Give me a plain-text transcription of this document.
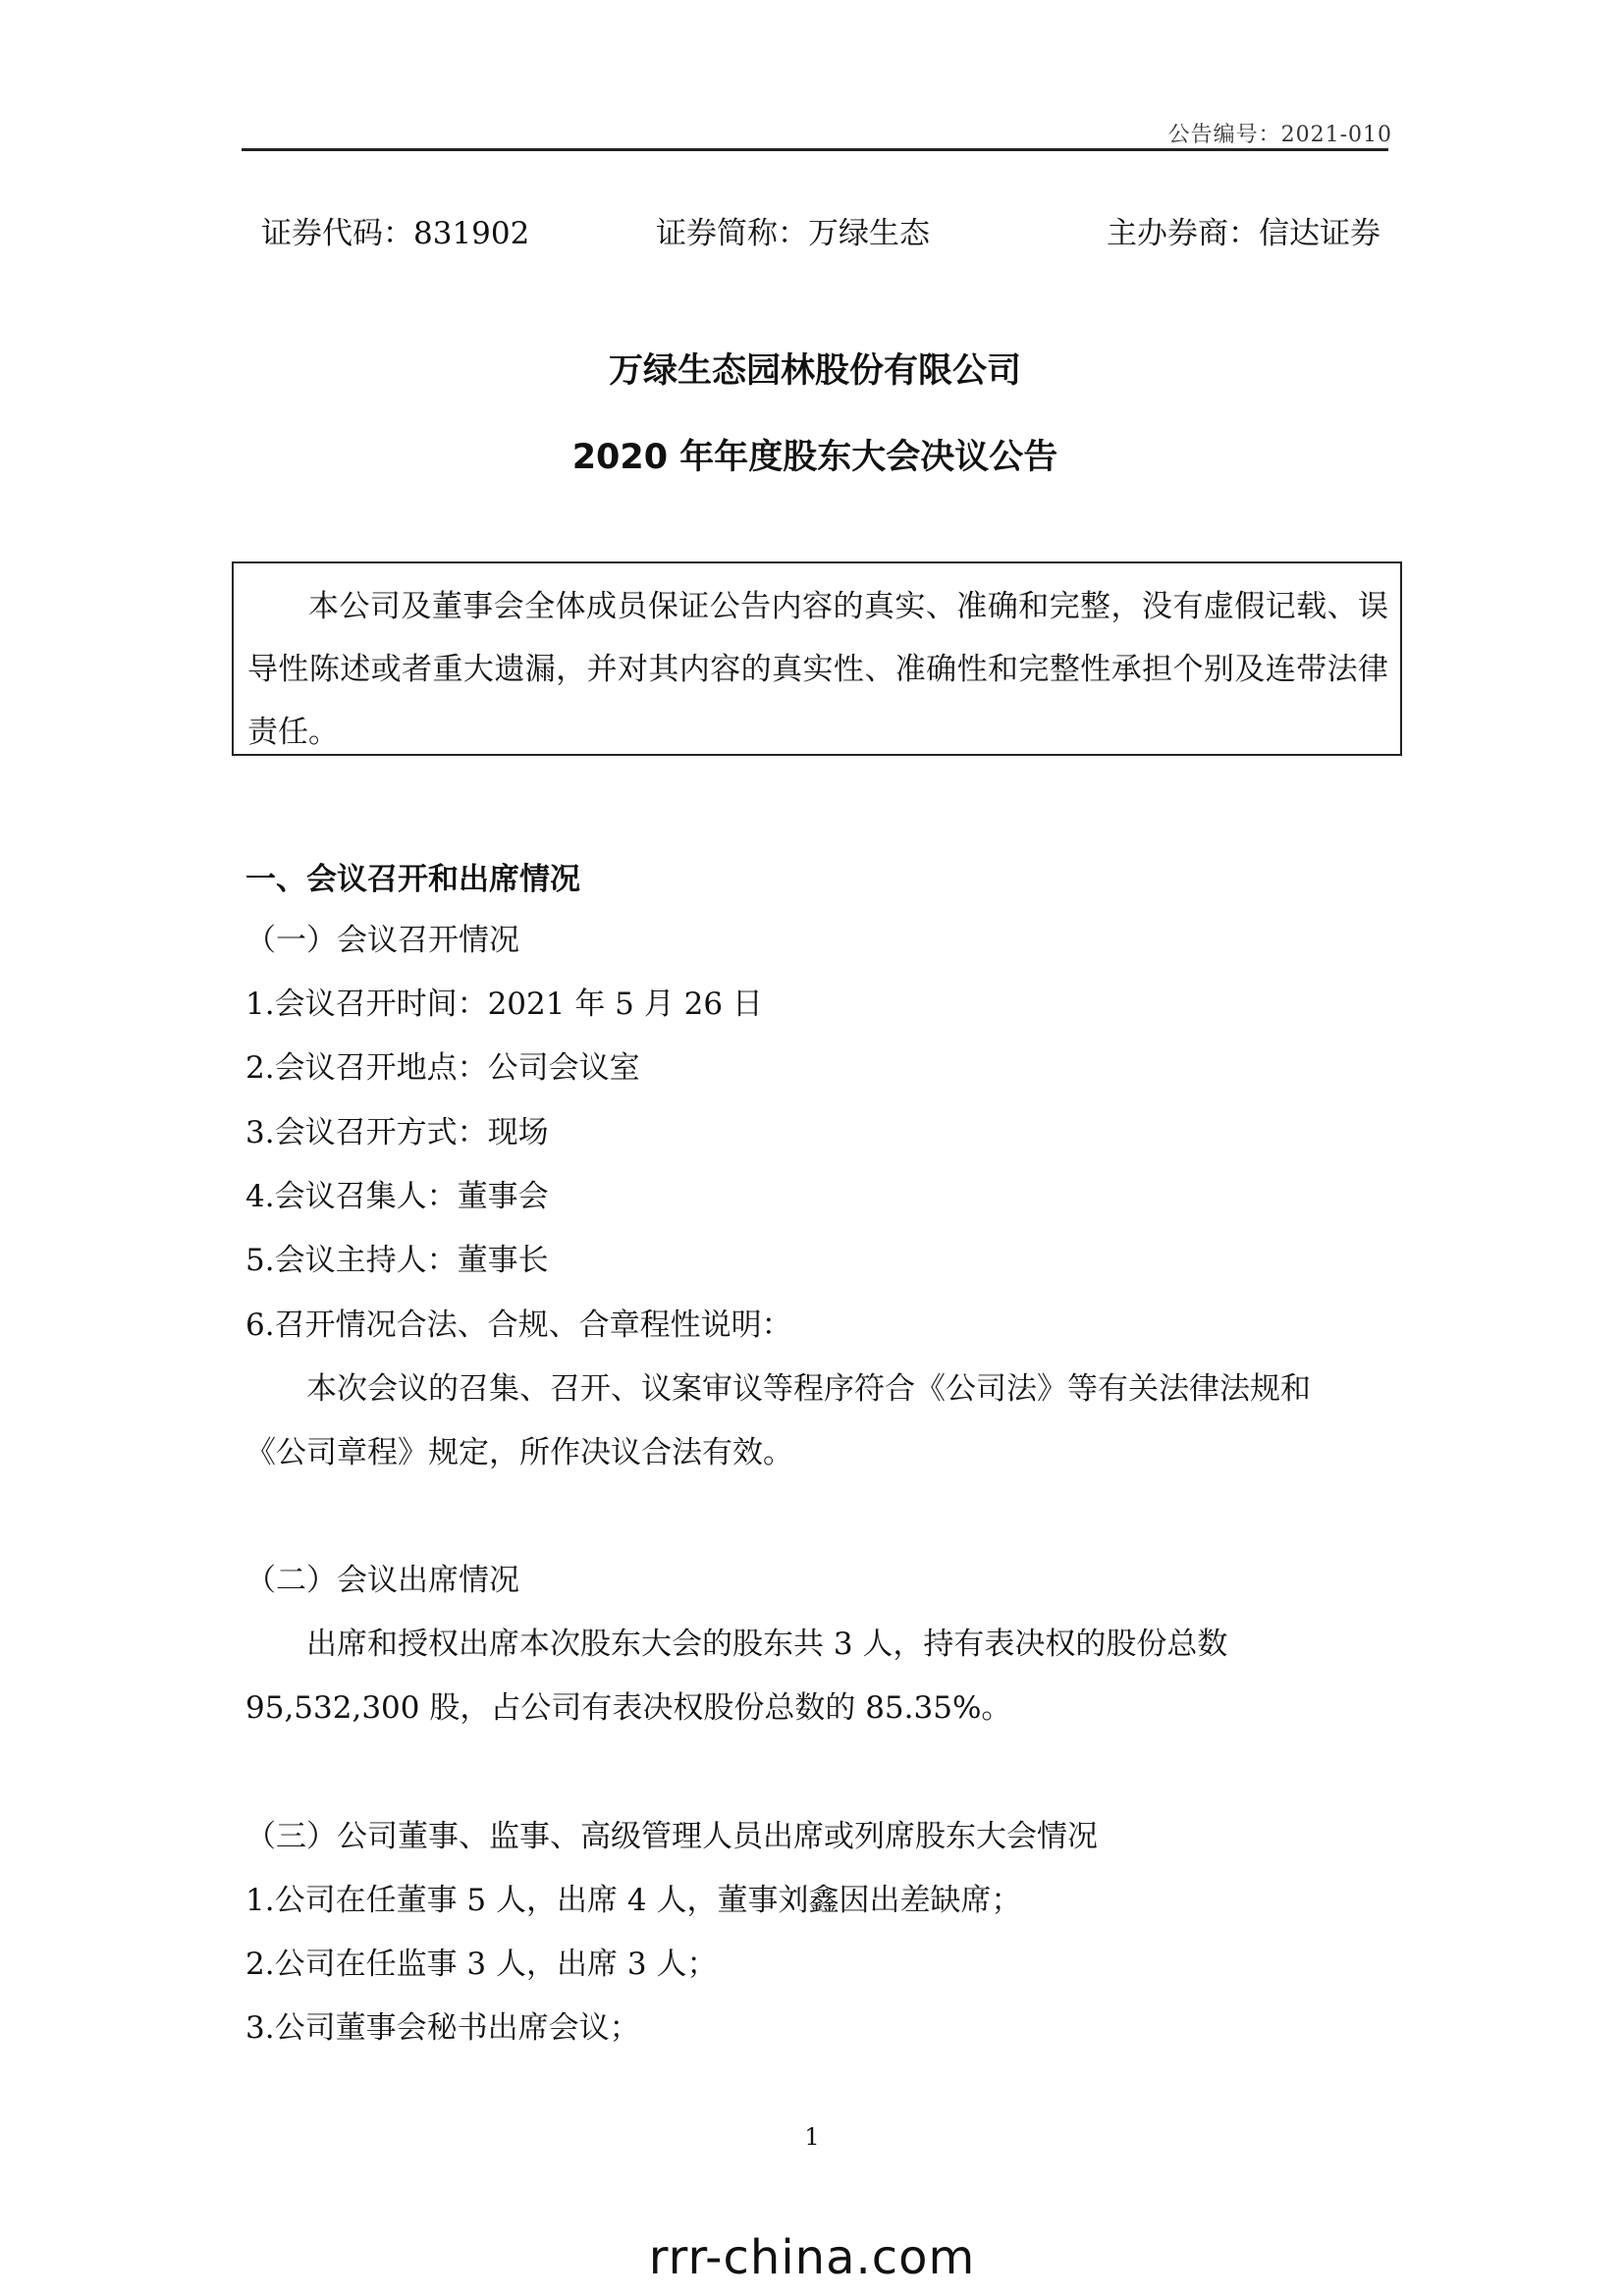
公告编号：2021-010
证券代码：831902	证券简称：万绿生态	主办券商：信达证券
万绿生态园林股份有限公司
2020 年年度股东大会决议公告

本公司及董事会全体成员保证公告内容的真实、准确和完整，没有虚假记载、误导性陈述或者重大遗漏，并对其内容的真实性、准确性和完整性承担个别及连带法律责任。

一、会议召开和出席情况
（一）会议召开情况
1.会议召开时间：2021 年 5 月 26 日
2.会议召开地点：公司会议室
3.会议召开方式：现场
4.会议召集人：董事会
5.会议主持人：董事长
6.召开情况合法、合规、合章程性说明：
本次会议的召集、召开、议案审议等程序符合《公司法》等有关法律法规和
《公司章程》规定，所作决议合法有效。
（二）会议出席情况
出席和授权出席本次股东大会的股东共 3 人，持有表决权的股份总数
95,532,300 股，占公司有表决权股份总数的 85.35%。
（三）公司董事、监事、高级管理人员出席或列席股东大会情况
1.公司在任董事 5 人，出席 4 人，董事刘鑫因出差缺席；
2.公司在任监事 3 人，出席 3 人；
3.公司董事会秘书出席会议；
1
rrr-china.com
